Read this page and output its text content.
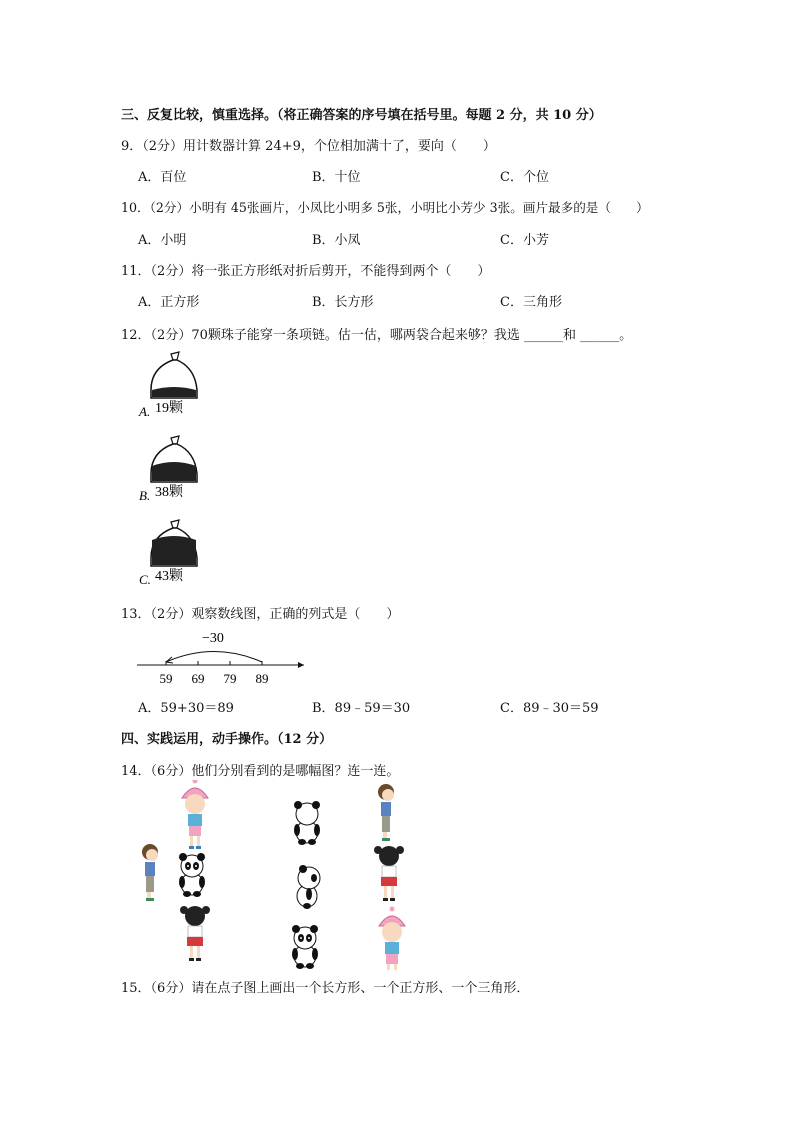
三、反复比较，慎重选择。（将正确答案的序号填在括号里。每题 2 分，共 10 分）
9．（2分）用计数器计算 24+9，个位相加满十了，要向（　　）
A．百位	B．十位	C．个位
10．（2分）小明有 45张画片，小凤比小明多 5张，小明比小芳少 3张。画片最多的是（　　）
A．小明	B．小凤	C．小芳
11．（2分）将一张正方形纸对折后剪开，不能得到两个（　　）
A．正方形	B．长方形	C．三角形
12．（2分）70颗珠子能穿一条项链。估一估，哪两袋合起来够？我选 ______和 ______。
A. 19颗
B. 38颗
C. 43颗
13．（2分）观察数线图，正确的列式是（　　）
−30
59 69 79 89
A．59+30＝89	B．89﹣59＝30	C．89﹣30＝59
四、实践运用，动手操作。（12 分）
14．（6分）他们分别看到的是哪幅图？连一连。
15．（6分）请在点子图上画出一个长方形、一个正方形、一个三角形．
